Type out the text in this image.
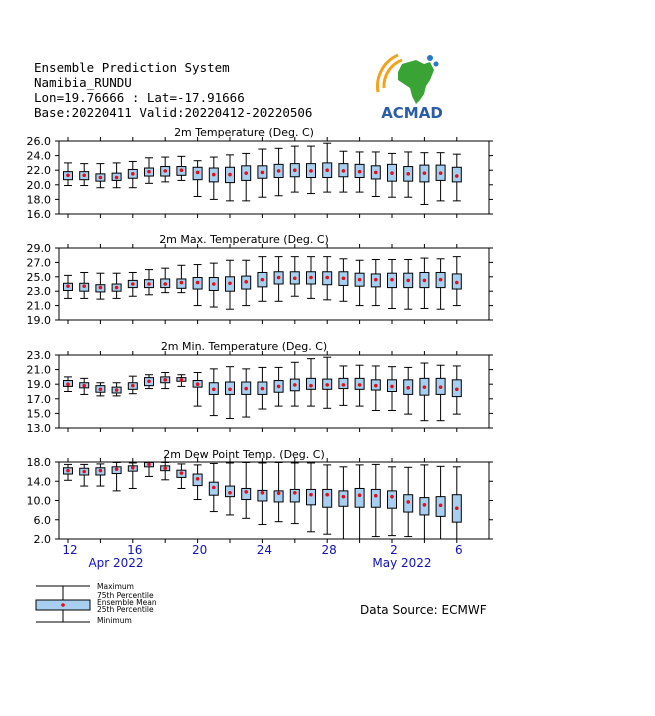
Ensemble Prediction System
Namibia_RUNDU
Lon=19.76666 : Lat=-17.91666
Base:20220411 Valid:20220412-20220506	ACMAD
2m Temperature (Deg. C)
26.0
24.0
22.0
20.0
18.0
16.0
2m Max. Temperature (Deg. C)
29.0
27.0
25.0
23.0
21.0
19.0
2m Min. Temperature (Deg. C)
23.0
21.0
19.0
17.0
15.0
13.0
2m Dew Point Temp. (Deg. C)
18.0
14.0
10.0
6.0
2.0
12	16	20	24	28	2	6
Apr 2022	May 2022
Maximum
75th Percentile
Ensemble Mean
25th Percentile
Minimum
Data Source: ECMWF
